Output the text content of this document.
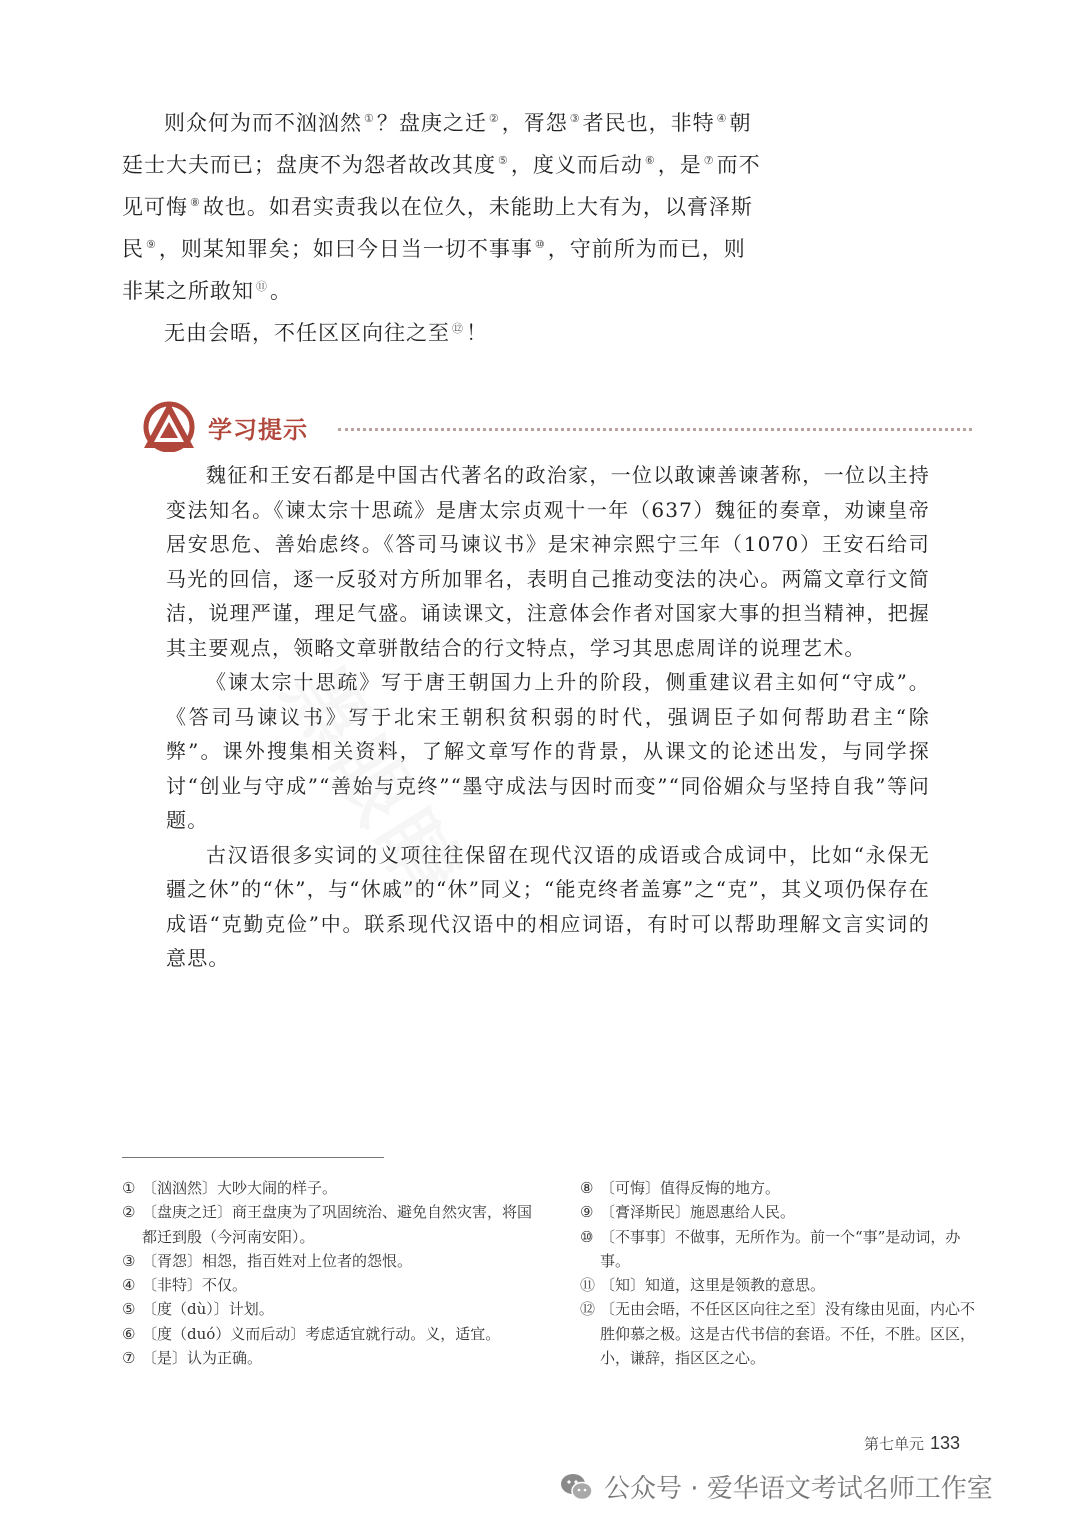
则众何为而不汹汹然 ①？盘庚之迁 ②，胥怨 ③者民也，非特 ④朝廷士大夫而已；盘庚不为怨者故改其度 ⑤，度义而后动 ⑥，是 ⑦而不见可悔 ⑧故也。如君实责我以在位久，未能助上大有为，以膏泽斯民 ⑨，则某知罪矣；如曰今日当一切不事事 ⑩，守前所为而已，则非某之所敢知 ⑪。

无由会晤，不任区区向往之至 ⑫！

学习提示

魏征和王安石都是中国古代著名的政治家，一位以敢谏善谏著称，一位以主持变法知名。《谏太宗十思疏》是唐太宗贞观十一年（637）魏征的奏章，劝谏皇帝居安思危、善始虑终。《答司马谏议书》是宋神宗熙宁三年（1070）王安石给司马光的回信，逐一反驳对方所加罪名，表明自己推动变法的决心。两篇文章行文简洁，说理严谨，理足气盛。诵读课文，注意体会作者对国家大事的担当精神，把握其主要观点，领略文章骈散结合的行文特点，学习其思虑周详的说理艺术。

《谏太宗十思疏》写于唐王朝国力上升的阶段，侧重建议君主如何“守成”。《答司马谏议书》写于北宋王朝积贫积弱的时代，强调臣子如何帮助君主“除弊”。课外搜集相关资料，了解文章写作的背景，从课文的论述出发，与同学探讨“创业与守成”“善始与克终”“墨守成法与因时而变”“同俗媚众与坚持自我”等问题。

古汉语很多实词的义项往往保留在现代汉语的成语或合成词中，比如“永保无疆之休”的“休”，与“休戚”的“休”同义；“能克终者盖寡”之“克”，其义项仍保存在成语“克勤克俭”中。联系现代汉语中的相应词语，有时可以帮助理解文言实词的意思。

黑眼睛
① 〔汹汹然〕大吵大闹的样子。
② 〔盘庚之迁〕商王盘庚为了巩固统治、避免自然灾害，将国都迁到殷（今河南安阳）。
③ 〔胥怨〕相怨，指百姓对上位者的怨恨。
④ 〔非特〕不仅。
⑤ 〔度（dù）〕计划。
⑥ 〔度（duó）义而后动〕考虑适宜就行动。义，适宜。
⑦ 〔是〕认为正确。
⑧ 〔可悔〕值得反悔的地方。
⑨ 〔膏泽斯民〕施恩惠给人民。
⑩ 〔不事事〕不做事，无所作为。前一个“事”是动词，办事。
⑪ 〔知〕知道，这里是领教的意思。
⑫ 〔无由会晤，不任区区向往之至〕没有缘由见面，内心不胜仰慕之极。这是古代书信的套语。不任，不胜。区区，小，谦辞，指区区之心。
第七单元 133
公众号 · 爱华语文考试名师工作室
